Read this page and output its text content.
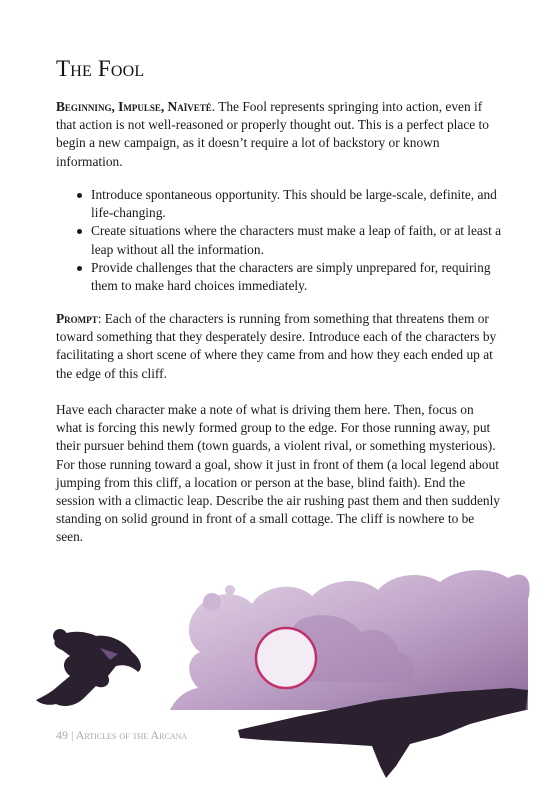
The Fool
Beginning, Impulse, Naïveté. The Fool represents springing into action, even if that action is not well-reasoned or properly thought out. This is a perfect place to begin a new campaign, as it doesn’t require a lot of backstory or known information.
Introduce spontaneous opportunity. This should be large-scale, definite, and life-changing.
Create situations where the characters must make a leap of faith, or at least a leap without all the information.
Provide challenges that the characters are simply unprepared for, requiring them to make hard choices immediately.
Prompt: Each of the characters is running from something that threatens them or toward something that they desperately desire. Introduce each of the characters by facilitating a short scene of where they came from and how they each ended up at the edge of this cliff.
Have each character make a note of what is driving them here. Then, focus on what is forcing this newly formed group to the edge. For those running away, put their pursuer behind them (town guards, a violent rival, or something mysterious). For those running toward a goal, show it just in front of them (a local legend about jumping from this cliff, a location or person at the base, blind faith). End the session with a climactic leap. Describe the air rushing past them and then suddenly standing on solid ground in front of a small cottage. The cliff is nowhere to be seen.
49 | Articles of the Arcana
